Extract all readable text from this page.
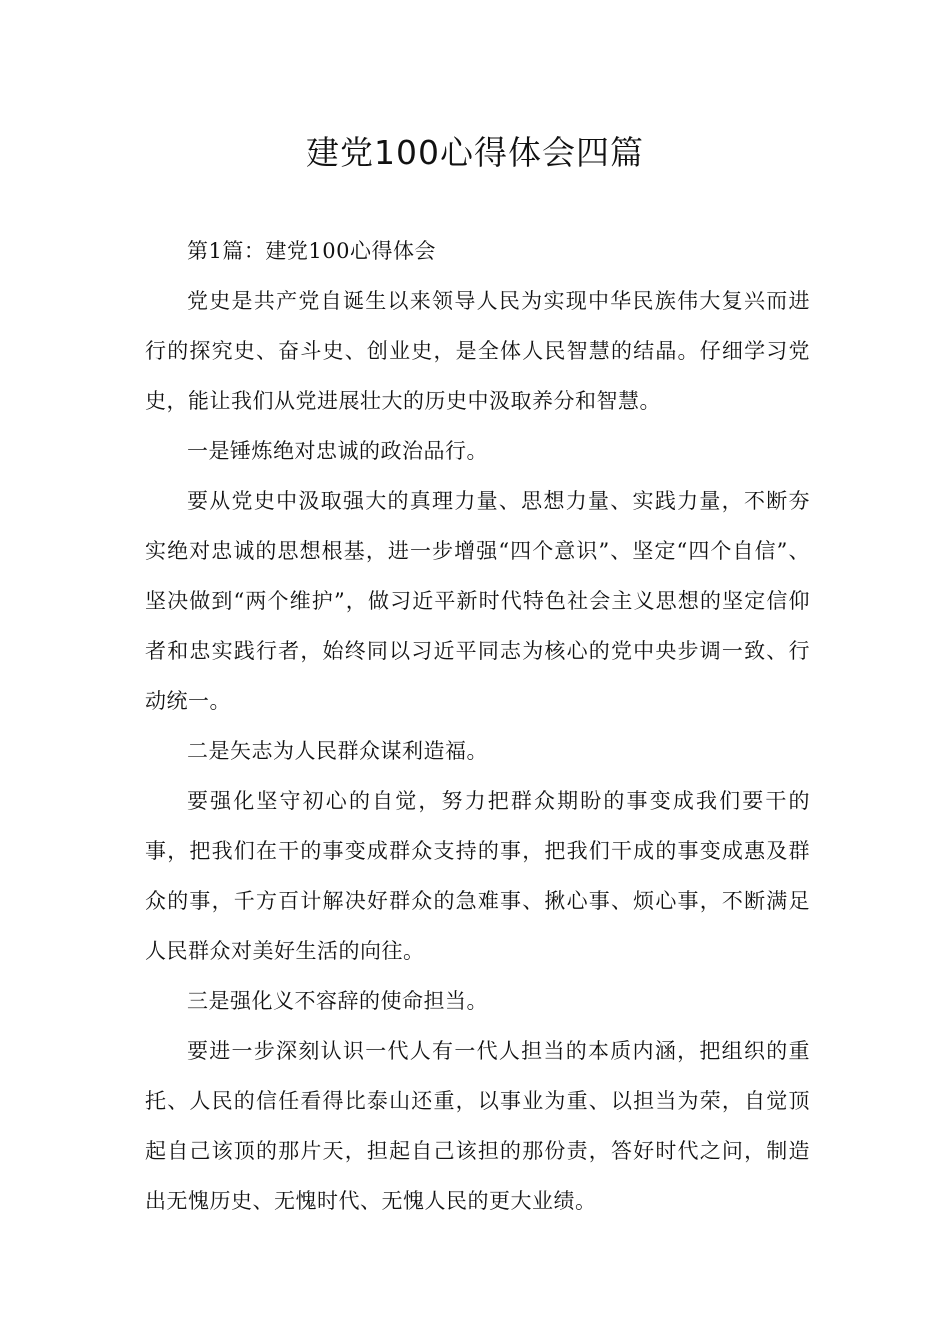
建党100心得体会四篇

第1篇：建党100心得体会

党史是共产党自诞生以来领导人民为实现中华民族伟大复兴而进行的探究史、奋斗史、创业史，是全体人民智慧的结晶。仔细学习党史，能让我们从党进展壮大的历史中汲取养分和智慧。

一是锤炼绝对忠诚的政治品行。

要从党史中汲取强大的真理力量、思想力量、实践力量，不断夯实绝对忠诚的思想根基，进一步增强“四个意识”、坚定“四个自信”、坚决做到“两个维护”，做习近平新时代特色社会主义思想的坚定信仰者和忠实践行者，始终同以习近平同志为核心的党中央步调一致、行动统一。

二是矢志为人民群众谋利造福。

要强化坚守初心的自觉，努力把群众期盼的事变成我们要干的事，把我们在干的事变成群众支持的事，把我们干成的事变成惠及群众的事，千方百计解决好群众的急难事、揪心事、烦心事，不断满足人民群众对美好生活的向往。

三是强化义不容辞的使命担当。

要进一步深刻认识一代人有一代人担当的本质内涵，把组织的重托、人民的信任看得比泰山还重，以事业为重、以担当为荣，自觉顶起自己该顶的那片天，担起自己该担的那份责，答好时代之问，制造出无愧历史、无愧时代、无愧人民的更大业绩。
